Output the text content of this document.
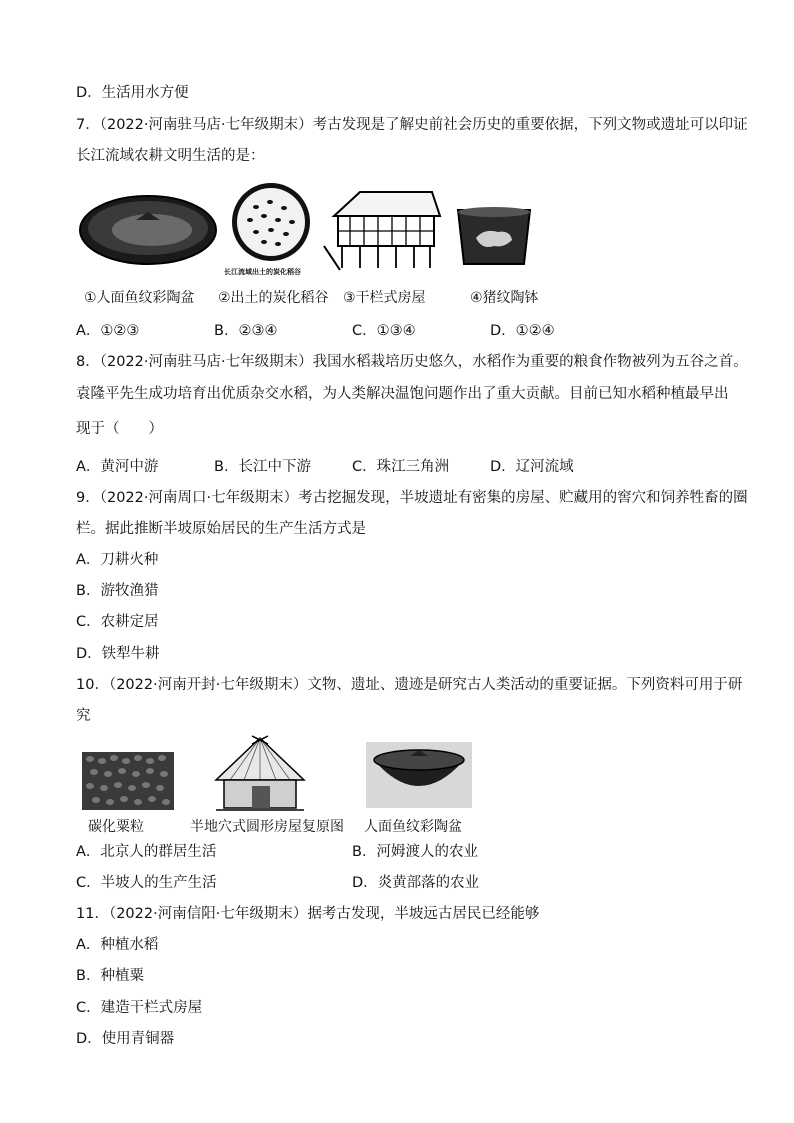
D．生活用水方便
7．（2022·河南驻马店·七年级期末）考古发现是了解史前社会历史的重要依据，下列文物或遗址可以印证
长江流域农耕文明生活的是：
长江流域出土的炭化稻谷
①人面鱼纹彩陶盆 ②出土的炭化稻谷 ③干栏式房屋	④猪纹陶钵
A．①②③	B．②③④	C．①③④	D．①②④
8．（2022·河南驻马店·七年级期末）我国水稻栽培历史悠久，水稻作为重要的粮食作物被列为五谷之首。
袁隆平先生成功培育出优质杂交水稻，为人类解决温饱问题作出了重大贡献。目前已知水稻种植最早出
现于（　　）
A．黄河中游	B．长江中下游	C．珠江三角洲	D．辽河流域
9．（2022·河南周口·七年级期末）考古挖掘发现，半坡遗址有密集的房屋、贮藏用的窖穴和饲养牲畜的圈
栏。据此推断半坡原始居民的生产生活方式是
A．刀耕火种
B．游牧渔猎
C．农耕定居
D．铁犁牛耕
10．（2022·河南开封·七年级期末）文物、遗址、遗迹是研究古人类活动的重要证据。下列资料可用于研
究
碳化粟粒	半地穴式圆形房屋复原图 人面鱼纹彩陶盆
A．北京人的群居生活	B．河姆渡人的农业
C．半坡人的生产生活	D．炎黄部落的农业
11．（2022·河南信阳·七年级期末）据考古发现，半坡远古居民已经能够
A．种植水稻
B．种植粟
C．建造干栏式房屋
D．使用青铜器
